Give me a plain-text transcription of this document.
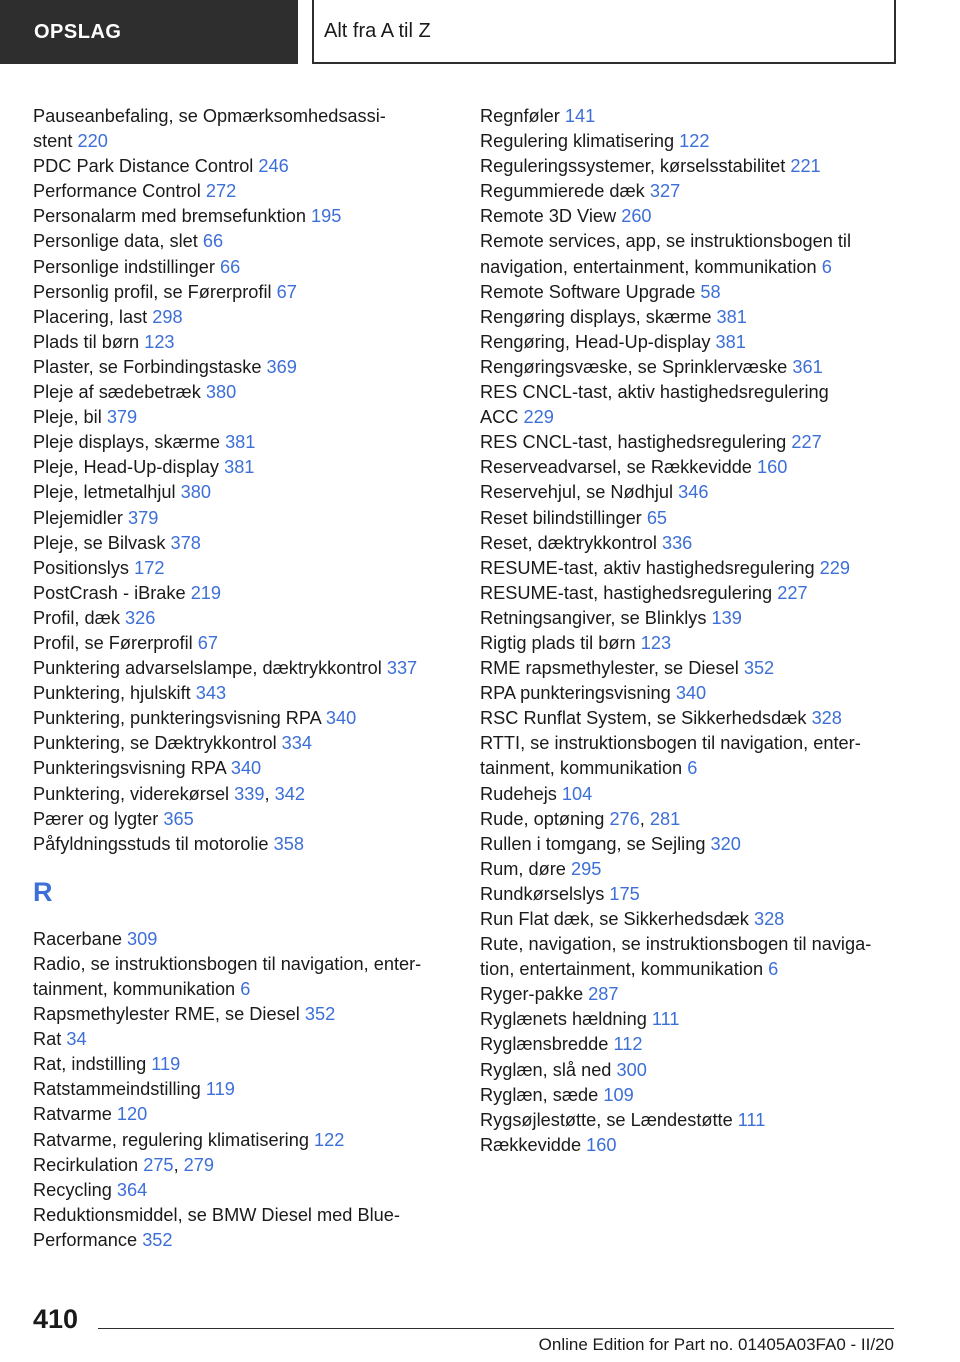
OPSLAG	Alt fra A til Z
Pauseanbefaling, se Opmærksomhedsassi-
stent 220
PDC Park Distance Control 246
Performance Control 272
Personalarm med bremsefunktion 195
Personlige data, slet 66
Personlige indstillinger 66
Personlig profil, se Førerprofil 67
Placering, last 298
Plads til børn 123
Plaster, se Forbindingstaske 369
Pleje af sædebetræk 380
Pleje, bil 379
Pleje displays, skærme 381
Pleje, Head-Up-display 381
Pleje, letmetalhjul 380
Plejemidler 379
Pleje, se Bilvask 378
Positionslys 172
PostCrash - iBrake 219
Profil, dæk 326
Profil, se Førerprofil 67
Punktering advarselslampe, dæktrykkontrol 337
Punktering, hjulskift 343
Punktering, punkteringsvisning RPA 340
Punktering, se Dæktrykkontrol 334
Punkteringsvisning RPA 340
Punktering, viderekørsel 339, 342
Pærer og lygter 365
Påfyldningsstuds til motorolie 358
R
Racerbane 309
Radio, se instruktionsbogen til navigation, enter-
tainment, kommunikation 6
Rapsmethylester RME, se Diesel 352
Rat 34
Rat, indstilling 119
Ratstammeindstilling 119
Ratvarme 120
Ratvarme, regulering klimatisering 122
Recirkulation 275, 279
Recycling 364
Reduktionsmiddel, se BMW Diesel med Blue-
Performance 352
Regnføler 141
Regulering klimatisering 122
Reguleringssystemer, kørselsstabilitet 221
Regummierede dæk 327
Remote 3D View 260
Remote services, app, se instruktionsbogen til
navigation, entertainment, kommunikation 6
Remote Software Upgrade 58
Rengøring displays, skærme 381
Rengøring, Head-Up-display 381
Rengøringsvæske, se Sprinklervæske 361
RES CNCL-tast, aktiv hastighedsregulering
ACC 229
RES CNCL-tast, hastighedsregulering 227
Reserveadvarsel, se Rækkevidde 160
Reservehjul, se Nødhjul 346
Reset bilindstillinger 65
Reset, dæktrykkontrol 336
RESUME-tast, aktiv hastighedsregulering 229
RESUME-tast, hastighedsregulering 227
Retningsangiver, se Blinklys 139
Rigtig plads til børn 123
RME rapsmethylester, se Diesel 352
RPA punkteringsvisning 340
RSC Runflat System, se Sikkerhedsdæk 328
RTTI, se instruktionsbogen til navigation, enter-
tainment, kommunikation 6
Rudehejs 104
Rude, optøning 276, 281
Rullen i tomgang, se Sejling 320
Rum, døre 295
Rundkørselslys 175
Run Flat dæk, se Sikkerhedsdæk 328
Rute, navigation, se instruktionsbogen til naviga-
tion, entertainment, kommunikation 6
Ryger-pakke 287
Ryglænets hældning 111
Ryglænsbredde 112
Ryglæn, slå ned 300
Ryglæn, sæde 109
Rygsøjlestøtte, se Lændestøtte 111
Rækkevidde 160
410
Online Edition for Part no. 01405A03FA0 - II/20
